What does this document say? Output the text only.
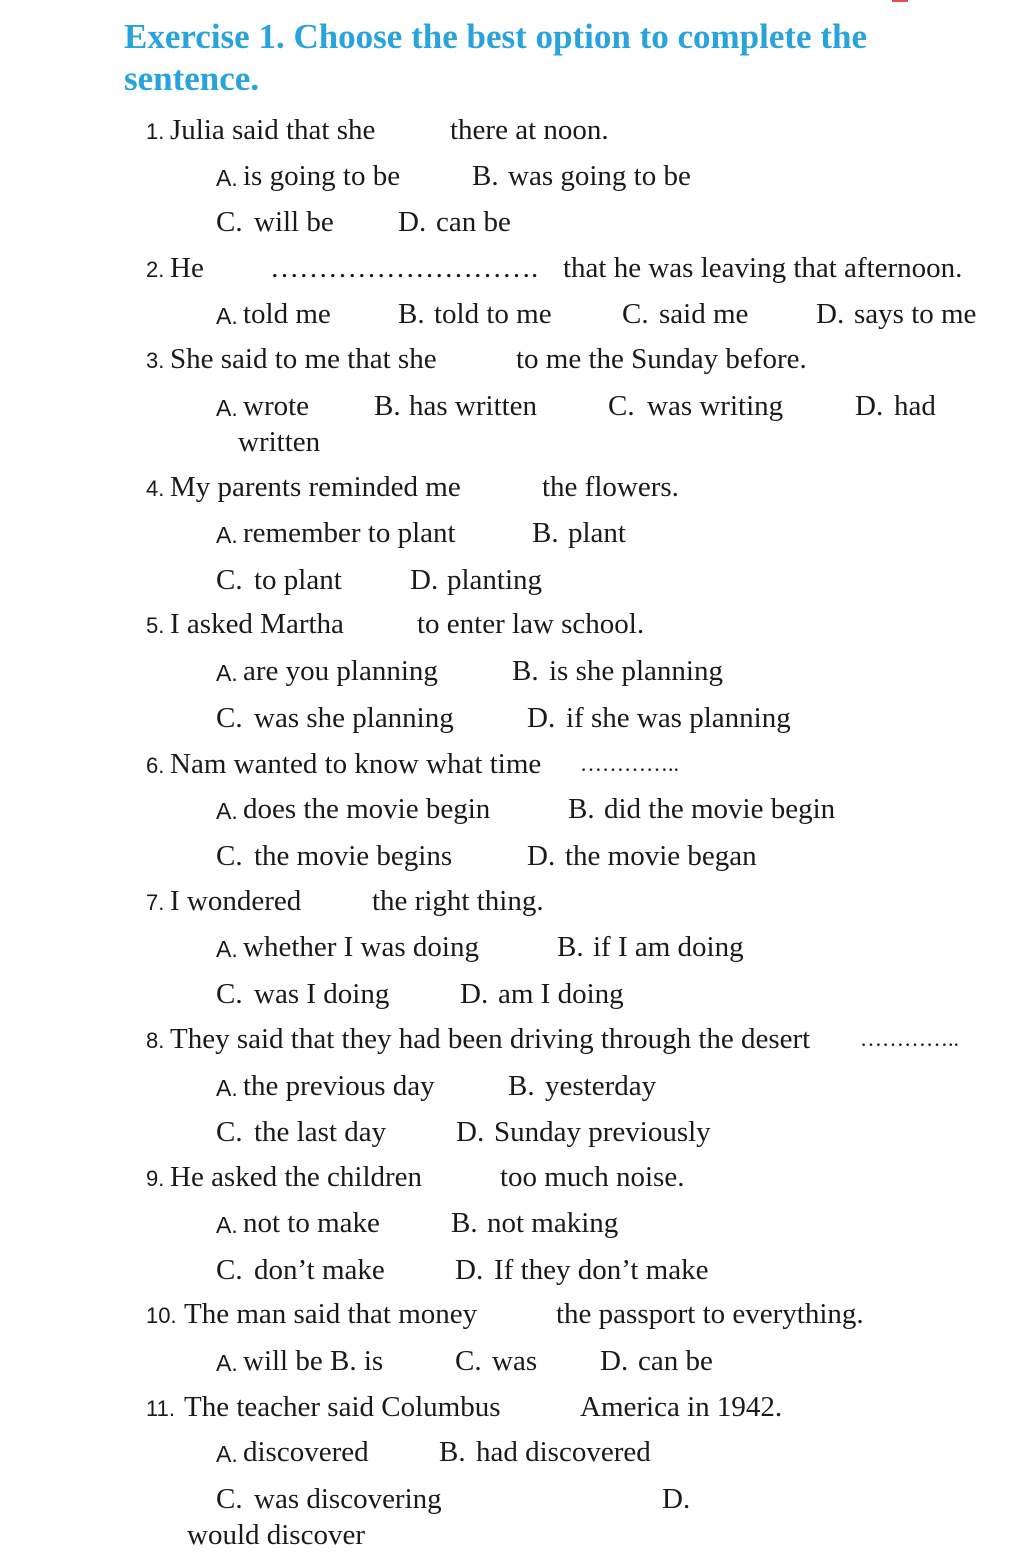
Exercise 1. Choose the best option to complete the sentence.
1. Julia said that she	there at noon.
A. is going to be B. was going to be
C. will be D. can be
2. He ………………………. that he was leaving that afternoon.
A. told me B. told to me C. said me D. says to me
3. She said to me that she	to me the Sunday before.
A. wrote B. has written C. was writing D. had
written
4. My parents reminded me	the flowers.
A. remember to plant	B. plant
C. to plant D. planting
5. I asked Martha	to enter law school.
A. are you planning	B. is she planning
C. was she planning	D. if she was planning
6. Nam wanted to know what time …………..
A. does the movie begin	B. did the movie begin
C. the movie begins	D. the movie began
7. I wondered the right thing.
A. whether I was doing	B. if I am doing
C. was I doing D. am I doing
8. They said that they had been driving through the desert …………..
A. the previous day	B. yesterday
C. the last day D. Sunday previously
9. He asked the children	too much noise.
A. not to make B. not making
C. don’t make D. If they don’t make
10. The man said that money	the passport to everything.
A. will be B. is C. was D. can be
11. The teacher said Columbus	America in 1942.
A. discovered B. had discovered
C. was discovering	D.
would discover
